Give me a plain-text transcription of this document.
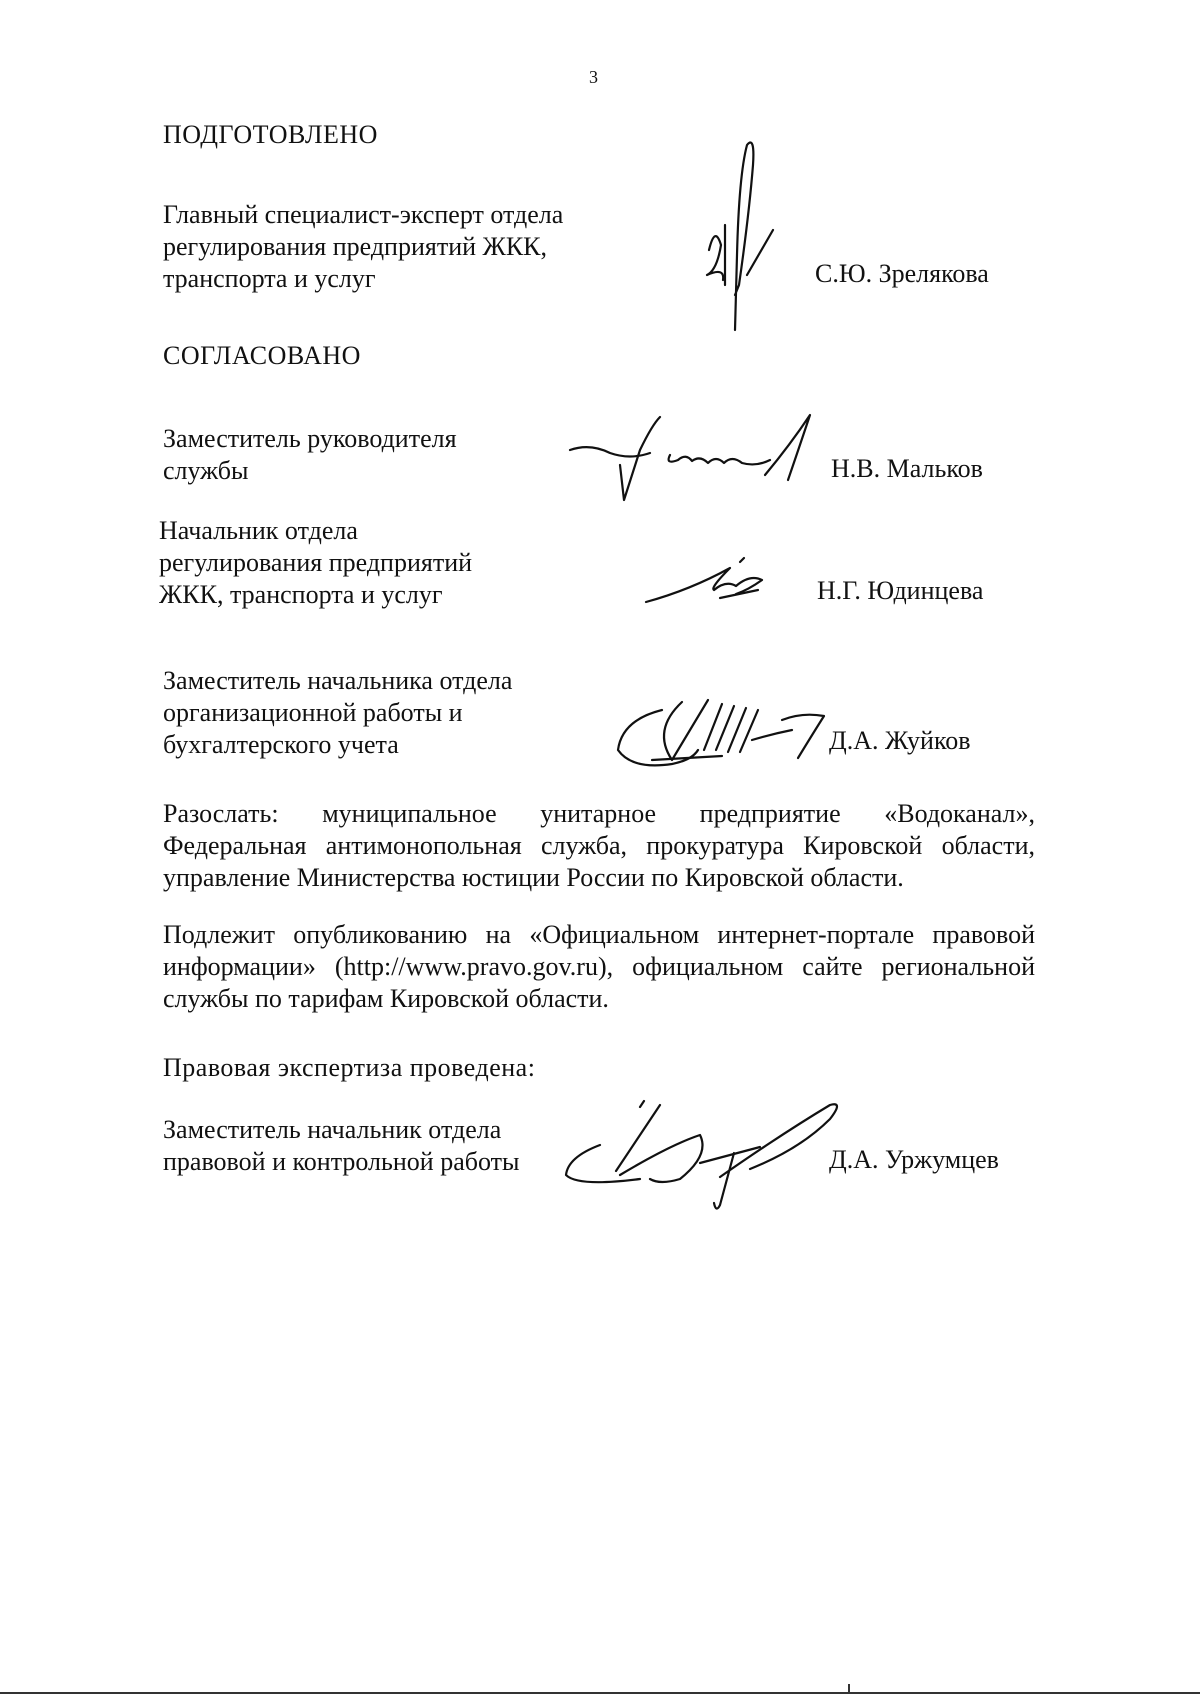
3
ПОДГОТОВЛЕНО
Главный специалист-эксперт отдела
регулирования предприятий ЖКК,
транспорта и услуг	С.Ю. Зрелякова
СОГЛАСОВАНО
Заместитель руководителя
службы	Н.В. Мальков
Начальник отдела
регулирования предприятий
ЖКК, транспорта и услуг	Н.Г. Юдинцева
Заместитель начальника отдела
организационной работы и
бухгалтерского учета	Д.А. Жуйков
Разослать: муниципальное унитарное предприятие «Водоканал»,
Федеральная антимонопольная служба, прокуратура Кировской области,
управление Министерства юстиции России по Кировской области.
Подлежит опубликованию на «Официальном интернет-портале правовой
информации» (http://www.pravo.gov.ru), официальном сайте региональной
службы по тарифам Кировской области.
Правовая экспертиза проведена:
Заместитель начальник отдела
правовой и контрольной работы	Д.А. Уржумцев
